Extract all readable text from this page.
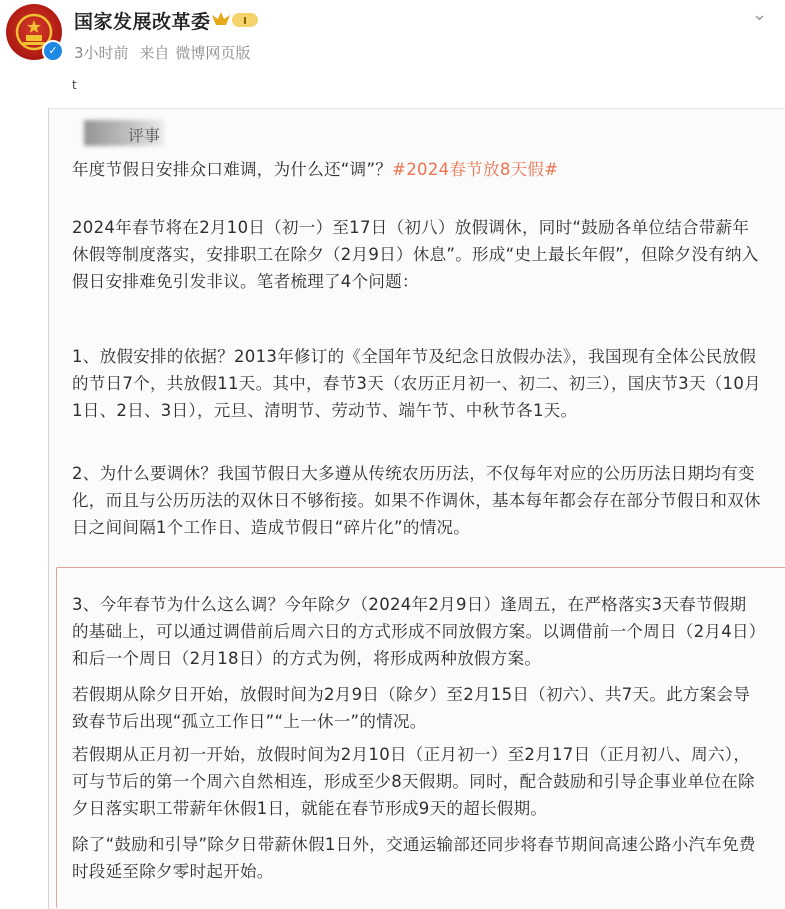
✓
国家发展改革委	I
3小时前 来自 微博网页版
⌄
t
评事

年度节假日安排众口难调，为什么还“调”？#2024春节放8天假#

2024年春节将在2月10日（初一）至17日（初八）放假调休，同时“鼓励各单位结合带薪年休假等制度落实，安排职工在除夕（2月9日）休息”。形成“史上最长年假”，但除夕没有纳入假日安排难免引发非议。笔者梳理了4个问题：

1、放假安排的依据？2013年修订的《全国年节及纪念日放假办法》，我国现有全体公民放假的节日7个，共放假11天。其中，春节3天（农历正月初一、初二、初三），国庆节3天（10月1日、2日、3日），元旦、清明节、劳动节、端午节、中秋节各1天。

2、为什么要调休？我国节假日大多遵从传统农历历法，不仅每年对应的公历历法日期均有变化，而且与公历历法的双休日不够衔接。如果不作调休，基本每年都会存在部分节假日和双休日之间间隔1个工作日、造成节假日“碎片化”的情况。

3、今年春节为什么这么调？今年除夕（2024年2月9日）逢周五，在严格落实3天春节假期的基础上，可以通过调借前后周六日的方式形成不同放假方案。以调借前一个周日（2月4日）和后一个周日（2月18日）的方式为例，将形成两种放假方案。

若假期从除夕日开始，放假时间为2月9日（除夕）至2月15日（初六）、共7天。此方案会导致春节后出现“孤立工作日”“上一休一”的情况。

若假期从正月初一开始，放假时间为2月10日（正月初一）至2月17日（正月初八、周六），可与节后的第一个周六自然相连，形成至少8天假期。同时，配合鼓励和引导企事业单位在除夕日落实职工带薪年休假1日，就能在春节形成9天的超长假期。

除了“鼓励和引导”除夕日带薪休假1日外，交通运输部还同步将春节期间高速公路小汽车免费时段延至除夕零时起开始。
